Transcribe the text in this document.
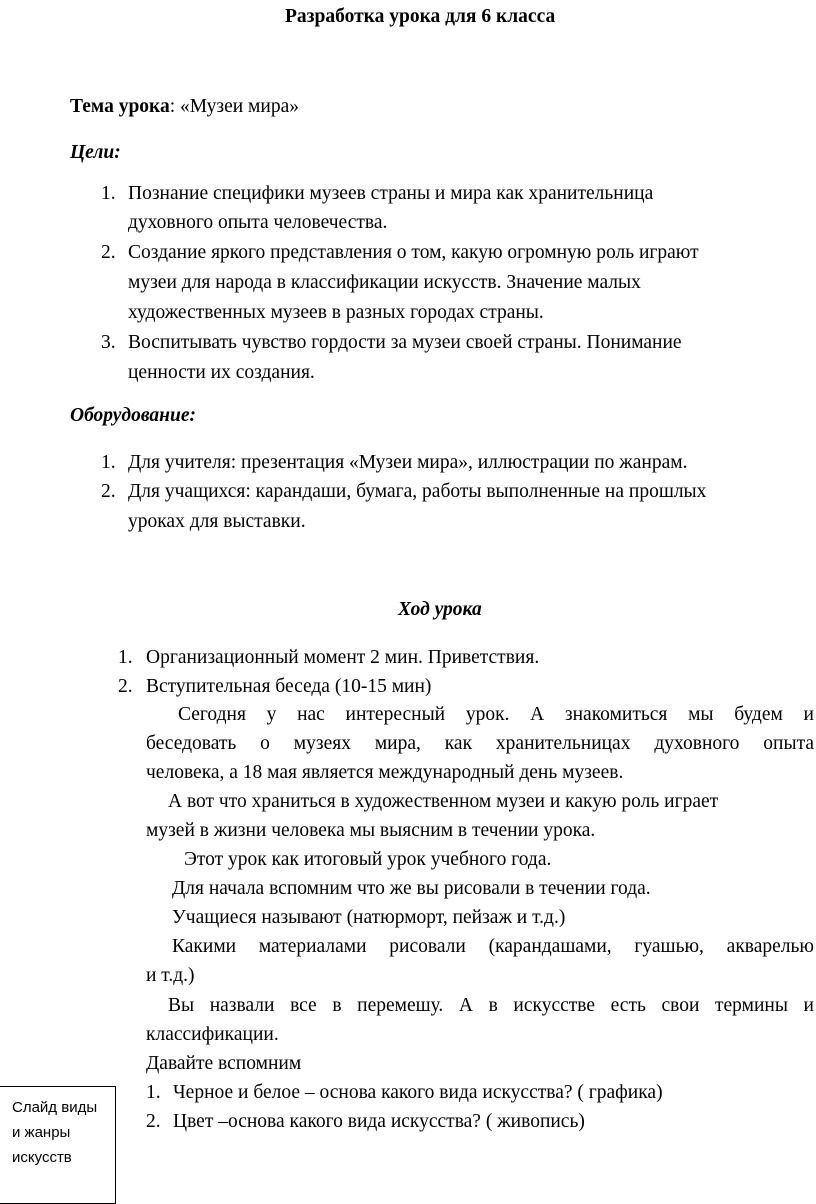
Разработка урока для 6 класса
Тема урока: «Музеи мира»
Цели:
1. Познание специфики музеев страны и мира как хранительница
духовного опыта человечества.
2. Создание яркого представления о том, какую огромную роль играют
музеи для народа в классификации искусств. Значение малых
художественных музеев в разных городах страны.
3. Воспитывать чувство гордости за музеи своей страны. Понимание
ценности их создания.
Оборудование:
1. Для учителя: презентация «Музеи мира», иллюстрации по жанрам.
2. Для учащихся: карандаши, бумага, работы выполненные на прошлых
уроках для выставки.
Ход урока
1. Организационный момент 2 мин. Приветствия.
2. Вступительная беседа (10-15 мин)
Сегодня у нас интересный урок. А знакомиться мы будем и
беседовать о музеях мира, как хранительницах духовного опыта
человека, а 18 мая является международный день музеев.
А вот что храниться в художественном музеи и какую роль играет
музей в жизни человека мы выясним в течении урока.
Этот урок как итоговый урок учебного года.
Для начала вспомним что же вы рисовали в течении года.
Учащиеся называют (натюрморт, пейзаж и т.д.)
Какими материалами рисовали (карандашами, гуашью, акварелью
и т.д.)
Вы назвали все в перемешу. А в искусстве есть свои термины и
классификации.
Давайте вспомним
1. Черное и белое – основа какого вида искусства? ( графика)
2. Цвет –основа какого вида искусства? ( живопись)
Слайд виды
и жанры
искусств
